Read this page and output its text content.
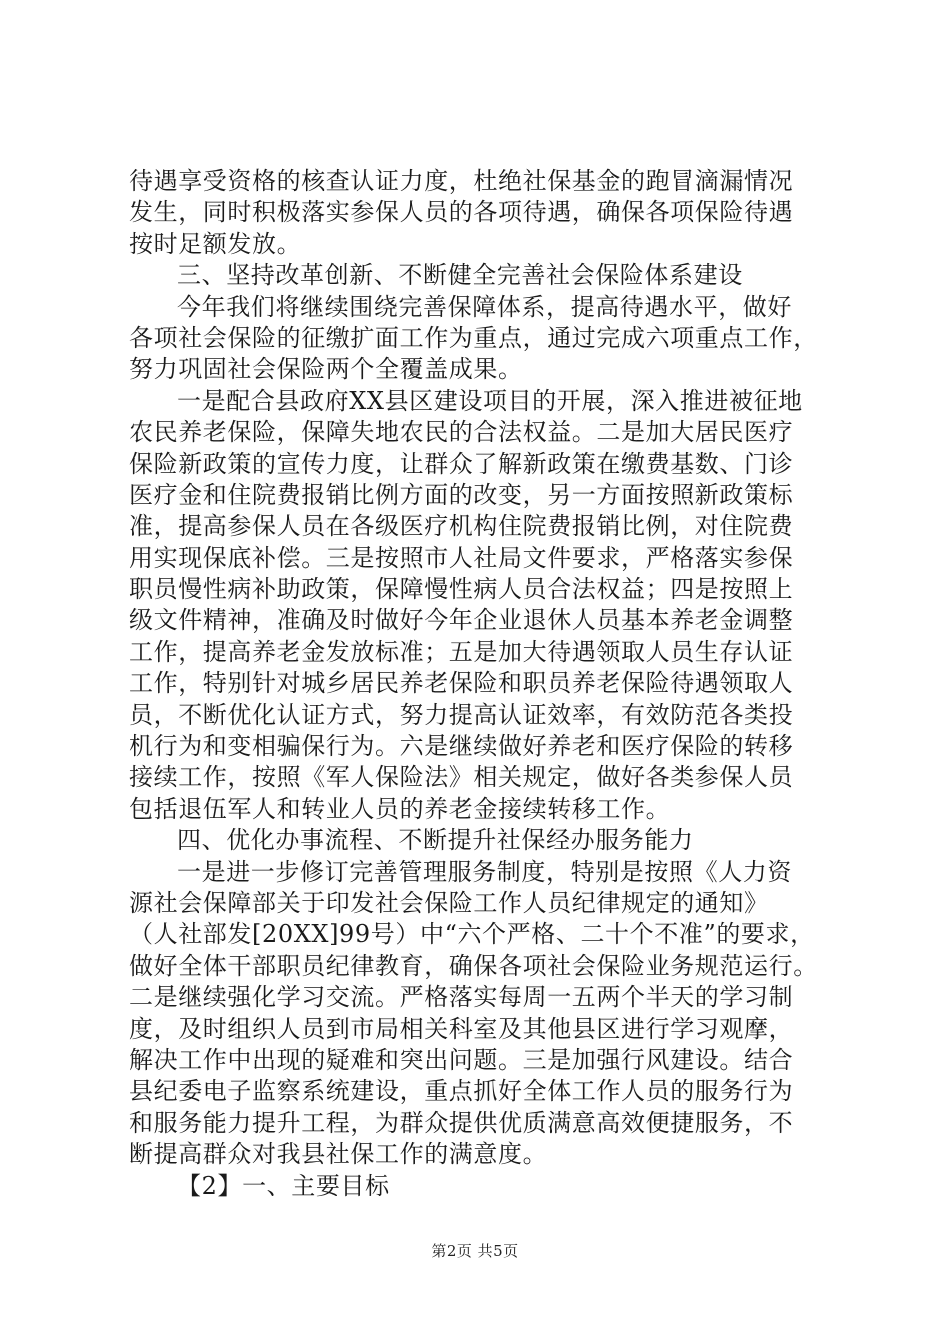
待遇享受资格的核查认证力度，杜绝社保基金的跑冒滴漏情况
发生，同时积极落实参保人员的各项待遇，确保各项保险待遇
按时足额发放。
三、坚持改革创新、不断健全完善社会保险体系建设
今年我们将继续围绕完善保障体系，提高待遇水平，做好
各项社会保险的征缴扩面工作为重点，通过完成六项重点工作，
努力巩固社会保险两个全覆盖成果。
一是配合县政府XX县区建设项目的开展，深入推进被征地
农民养老保险，保障失地农民的合法权益。二是加大居民医疗
保险新政策的宣传力度，让群众了解新政策在缴费基数、门诊
医疗金和住院费报销比例方面的改变，另一方面按照新政策标
准，提高参保人员在各级医疗机构住院费报销比例，对住院费
用实现保底补偿。三是按照市人社局文件要求，严格落实参保
职员慢性病补助政策，保障慢性病人员合法权益；四是按照上
级文件精神，准确及时做好今年企业退休人员基本养老金调整
工作，提高养老金发放标准；五是加大待遇领取人员生存认证
工作，特别针对城乡居民养老保险和职员养老保险待遇领取人
员，不断优化认证方式，努力提高认证效率，有效防范各类投
机行为和变相骗保行为。六是继续做好养老和医疗保险的转移
接续工作，按照《军人保险法》相关规定，做好各类参保人员
包括退伍军人和转业人员的养老金接续转移工作。
四、优化办事流程、不断提升社保经办服务能力
一是进一步修订完善管理服务制度，特别是按照《人力资
源社会保障部关于印发社会保险工作人员纪律规定的通知》
（人社部发[20XX]99号）中“六个严格、二十个不准”的要求，
做好全体干部职员纪律教育，确保各项社会保险业务规范运行。
二是继续强化学习交流。严格落实每周一五两个半天的学习制
度，及时组织人员到市局相关科室及其他县区进行学习观摩，
解决工作中出现的疑难和突出问题。三是加强行风建设。结合
县纪委电子监察系统建设，重点抓好全体工作人员的服务行为
和服务能力提升工程，为群众提供优质满意高效便捷服务，不
断提高群众对我县社保工作的满意度。
【2】一、主要目标
第2页 共5页
